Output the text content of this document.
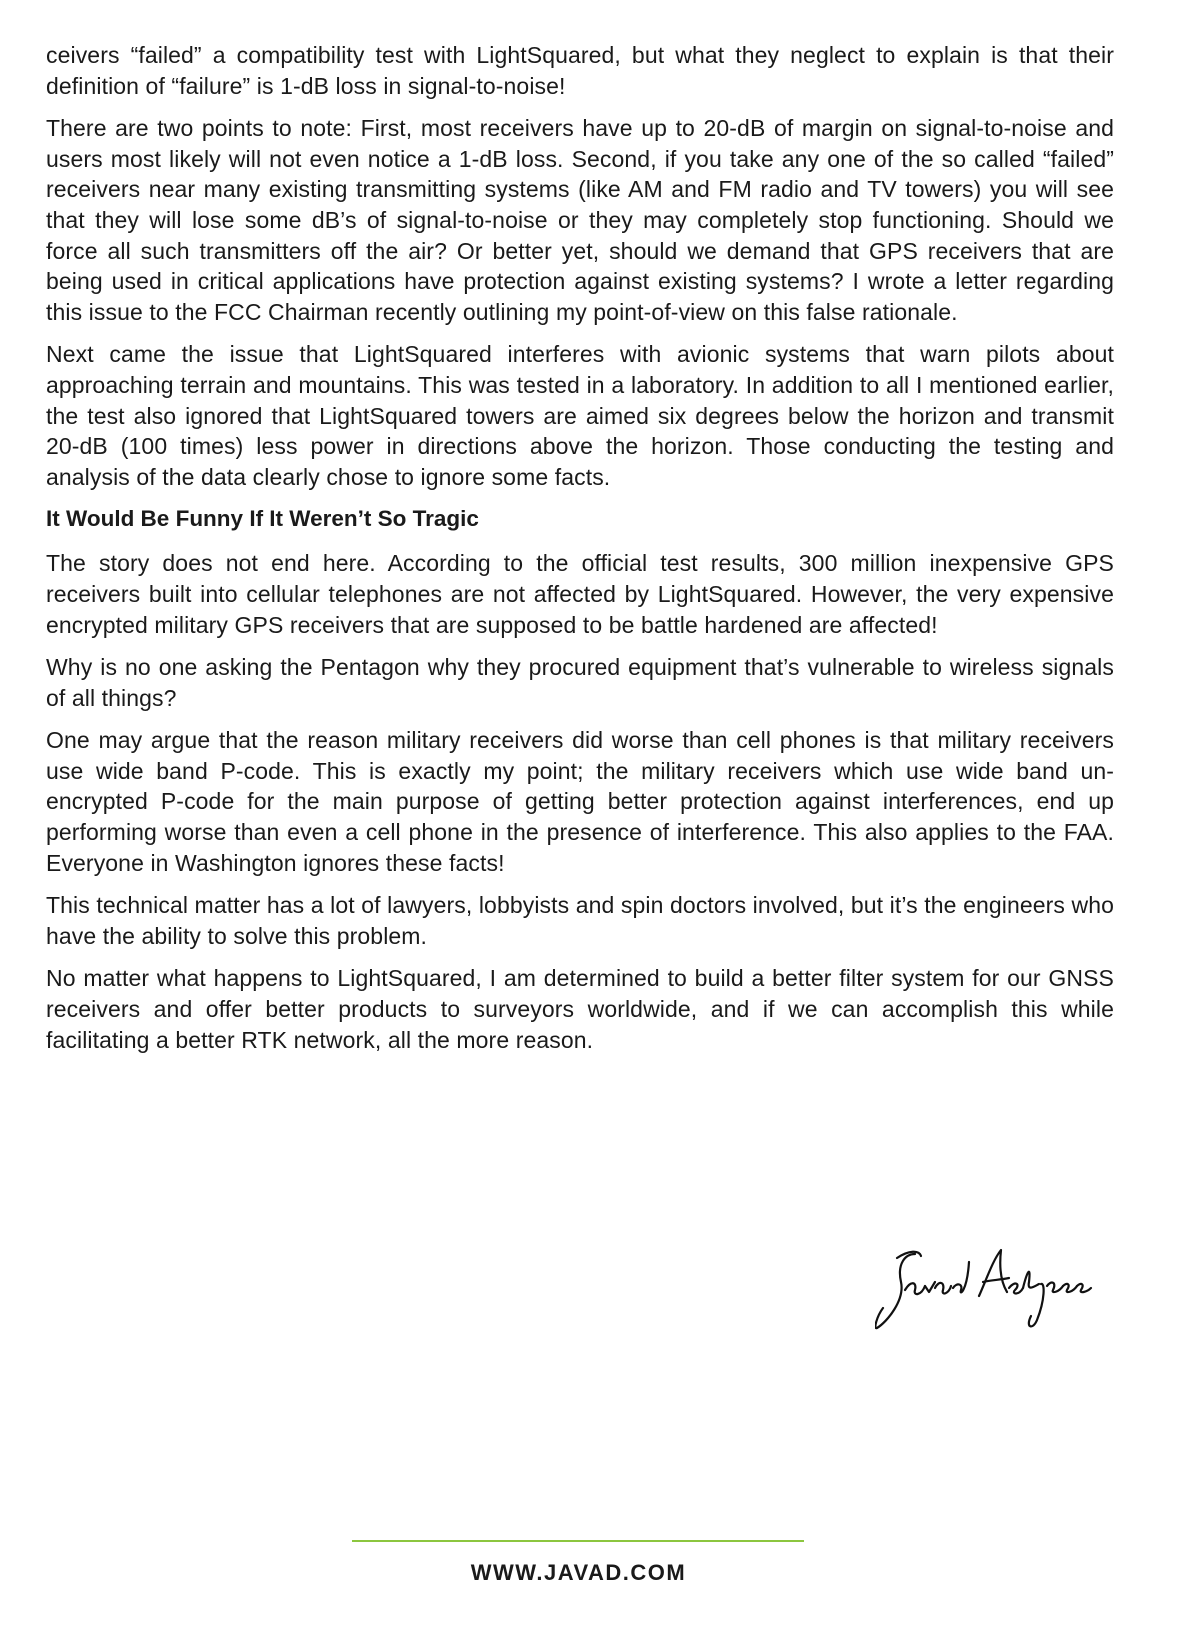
ceivers “failed” a compatibility test with LightSquared, but what they neglect to explain is that their definition of “failure” is 1-dB loss in signal-to-noise!

There are two points to note: First, most receivers have up to 20-dB of margin on signal-to-noise and users most likely will not even notice a 1-dB loss. Second, if you take any one of the so called “failed” receivers near many existing transmitting systems (like AM and FM radio and TV towers) you will see that they will lose some dB’s of signal-to-noise or they may completely stop functioning. Should we force all such transmitters off the air? Or better yet, should we demand that GPS receivers that are being used in critical applications have protection against existing systems? I wrote a letter regarding this issue to the FCC Chairman recently outlining my point-of-view on this false rationale.

Next came the issue that LightSquared interferes with avionic systems that warn pilots about approaching terrain and mountains. This was tested in a laboratory. In addition to all I mentioned earlier, the test also ignored that LightSquared towers are aimed six degrees below the horizon and transmit 20-dB (100 times) less power in directions above the horizon. Those conducting the testing and analysis of the data clearly chose to ignore some facts.

It Would Be Funny If It Weren’t So Tragic

The story does not end here. According to the official test results, 300 million inexpensive GPS receivers built into cellular telephones are not affected by LightSquared. However, the very expensive encrypted military GPS receivers that are supposed to be battle hardened are affected!

Why is no one asking the Pentagon why they procured equipment that’s vulnerable to wireless signals of all things?

One may argue that the reason military receivers did worse than cell phones is that military receivers use wide band P-code. This is exactly my point; the military receivers which use wide band un-encrypted P-code for the main purpose of getting better protection against interferences, end up performing worse than even a cell phone in the presence of interference. This also applies to the FAA. Everyone in Washington ignores these facts!

This technical matter has a lot of lawyers, lobbyists and spin doctors involved, but it’s the engineers who have the ability to solve this problem.

No matter what happens to LightSquared, I am determined to build a better filter system for our GNSS receivers and offer better products to surveyors worldwide, and if we can accomplish this while facilitating a better RTK network, all the more reason.

WWW.JAVAD.COM
